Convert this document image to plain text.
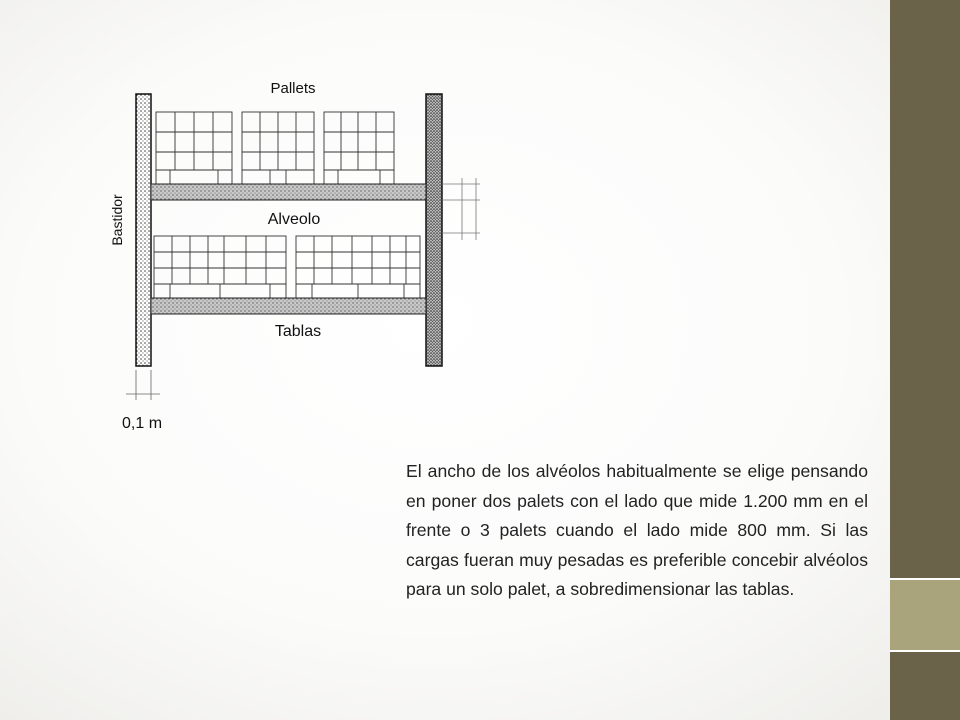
Pallets
Alveolo
Tablas
Bastidor
0,1 m

El ancho de los alvéolos habitualmente se elige pensando en poner dos palets con el lado que mide 1.200 mm en el frente o 3 palets cuando el lado mide 800 mm. Si las cargas fueran muy pesadas es preferible concebir alvéolos para un solo palet, a sobredimensionar las tablas.
